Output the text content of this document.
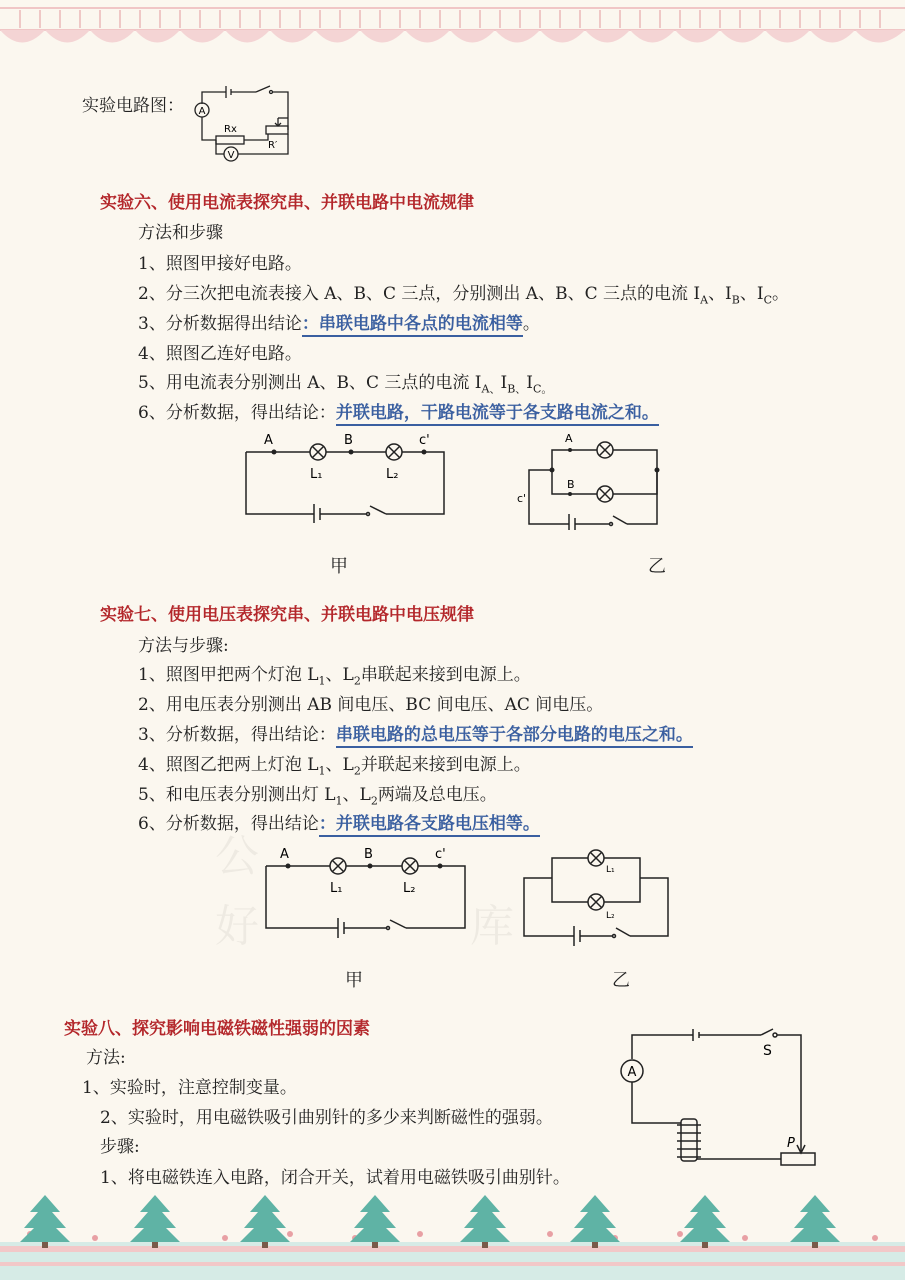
公
好	库
实验电路图： A
V
Rx
R′
实验六、使用电流表探究串、并联电路中电流规律
方法和步骤
1、照图甲接好电路。
2、分三次把电流表接入 A、B、C 三点，分别测出 A、B、C 三点的电流 $I_A$、$I_B$、$I_C$。
3、分析数据得出结论：串联电路中各点的电流相等。
4、照图乙连好电路。
5、用电流表分别测出 A、B、C 三点的电流 $I_{A、}I_{B、}I_{C。}$
6、分析数据，得出结论：并联电路，干路电流等于各支路电流之和。
A	B	c'
L₁	L₂
甲
A
B
c'
乙
实验七、使用电压表探究串、并联电路中电压规律
方法与步骤:
1、照图甲把两个灯泡 $L_1$、$L_2$串联起来接到电源上。
2、用电压表分别测出 AB 间电压、BC 间电压、AC 间电压。
3、分析数据，得出结论：串联电路的总电压等于各部分电路的电压之和。
4、照图乙把两上灯泡 $L_1$、$L_2$并联起来接到电源上。
5、和电压表分别测出灯 $L_1$、$L_2$两端及总电压。
6、分析数据，得出结论：并联电路各支路电压相等。
A	B	c'
L₁	L₂
甲
L₁
L₂
乙
实验八、探究影响电磁铁磁性强弱的因素
方法:
1、实验时，注意控制变量。
2、实验时，用电磁铁吸引曲别针的多少来判断磁性的强弱。
步骤:
1、将电磁铁连入电路，闭合开关，试着用电磁铁吸引曲别针。
A
S
P
